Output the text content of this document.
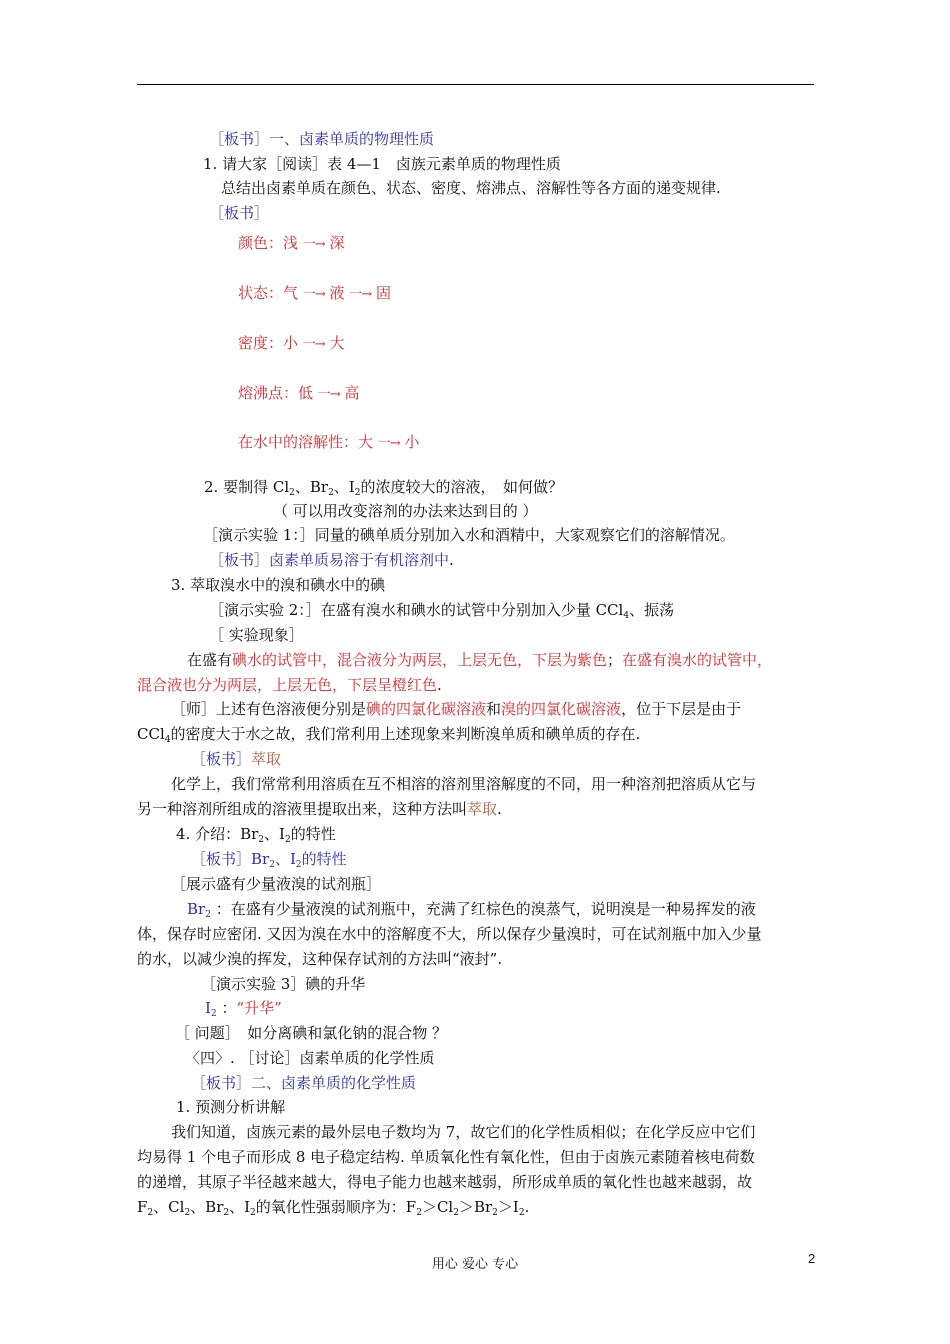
［板书］一、卤素单质的物理性质
1. 请大家［阅读］表 4—1　卤族元素单质的物理性质
总结出卤素单质在颜色、状态、密度、熔沸点、溶解性等各方面的递变规律.
［板书］
颜色：浅 一→ 深
状态：气 一→ 液 一→ 固
密度：小 一→ 大
熔沸点：低 一→ 高
在水中的溶解性：大 一→ 小
2. 要制得 $Cl_2$、$Br_2$、$I_2$的浓度较大的溶液，　如何做？
（ 可以用改变溶剂的办法来达到目的 ）
［演示实验 1：］同量的碘单质分别加入水和酒精中，大家观察它们的溶解情况。
［板书］卤素单质易溶于有机溶剂中.
3. 萃取溴水中的溴和碘水中的碘
［演示实验 2：］在盛有溴水和碘水的试管中分别加入少量 CCl$_4$、振荡
［ 实验现象］
在盛有碘水的试管中，混合液分为两层，上层无色，下层为紫色；在盛有溴水的试管中，
混合液也分为两层，上层无色，下层呈橙红色.
［师］上述有色溶液便分别是碘的四氯化碳溶液和溴的四氯化碳溶液，位于下层是由于
CCl$_4$的密度大于水之故，我们常利用上述现象来判断溴单质和碘单质的存在.
［板书］萃取
化学上，我们常常利用溶质在互不相溶的溶剂里溶解度的不同，用一种溶剂把溶质从它与
另一种溶剂所组成的溶液里提取出来，这种方法叫萃取.
4. 介绍：$Br_2$、$I_2$的特性
［板书$]Br_2$、$I_2$的特性
［展示盛有少量液溴的试剂瓶］
$Br_2$ ：在盛有少量液溴的试剂瓶中，充满了红棕色的溴蒸气，说明溴是一种易挥发的液
体，保存时应密闭. 又因为溴在水中的溶解度不大，所以保存少量溴时，可在试剂瓶中加入少量
的水，以减少溴的挥发，这种保存试剂的方法叫“液封”.
［演示实验 3］碘的升华
$I_2$ ：“升华”
［ 问题］　如分离碘和氯化钠的混合物 ？
〈四〉. ［讨论］卤素单质的化学性质
［板书］二、卤素单质的化学性质
1. 预测分析讲解
我们知道，卤族元素的最外层电子数均为 7，故它们的化学性质相似；在化学反应中它们
均易得 1 个电子而形成 8 电子稳定结构. 单质氧化性有氧化性，但由于卤族元素随着核电荷数
的递增，其原子半径越来越大，得电子能力也越来越弱，所形成单质的氧化性也越来越弱，故
$F_2$、$Cl_2$、$Br_2$、$I_2$的氧化性强弱顺序为：$F_2>Cl_2>Br_2>I_2$.
用心 爱心 专心	2
